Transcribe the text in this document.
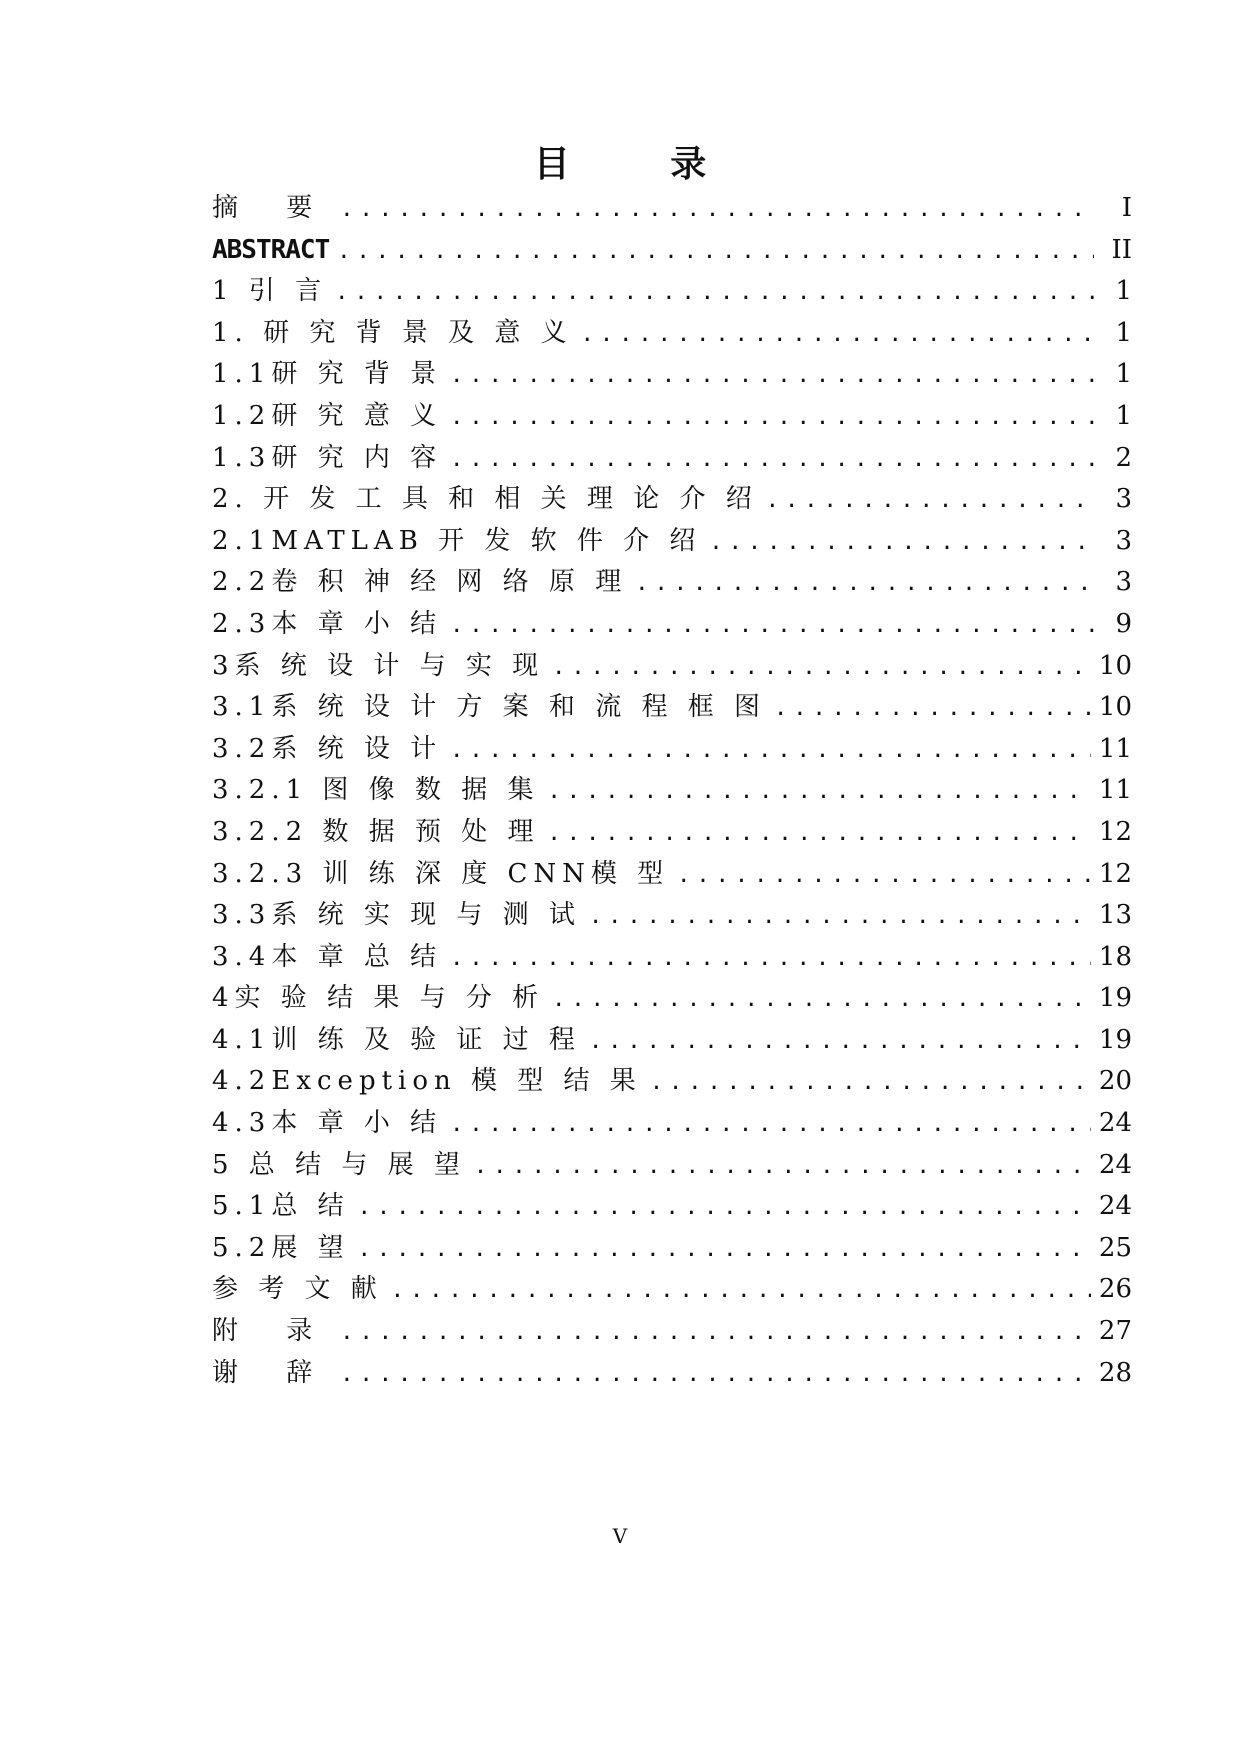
目 录
摘 要 .....	I
ABSTRACT .....	II
1 引 言 .....	1
1. 研 究 背 景 及 意 义 .....	1
1.1研 究 背 景 .....	1
1.2研 究 意 义 .....	1
1.3研 究 内 容 .....	2
2. 开 发 工 具 和 相 关 理 论 介 绍 .....	3
2.1MATLAB 开 发 软 件 介 绍 .....	3
2.2卷 积 神 经 网 络 原 理 .....	3
2.3本 章 小 结 .....	9
3系 统 设 计 与 实 现 .....	10
3.1系 统 设 计 方 案 和 流 程 框 图 .....	10
3.2系 统 设 计 .....	11
3.2.1 图 像 数 据 集 .....	11
3.2.2 数 据 预 处 理 .....	12
3.2.3 训 练 深 度 CNN模 型 .....	12
3.3系 统 实 现 与 测 试 .....	13
3.4本 章 总 结 .....	18
4实 验 结 果 与 分 析 .....	19
4.1训 练 及 验 证 过 程 .....	19
4.2Exception 模 型 结 果 .....	20
4.3本 章 小 结 .....	24
5 总 结 与 展 望 .....	24
5.1总 结 .....	24
5.2展 望 .....	25
参 考 文 献 .....	26
附 录 .....	27
谢 辞 .....	28
V
